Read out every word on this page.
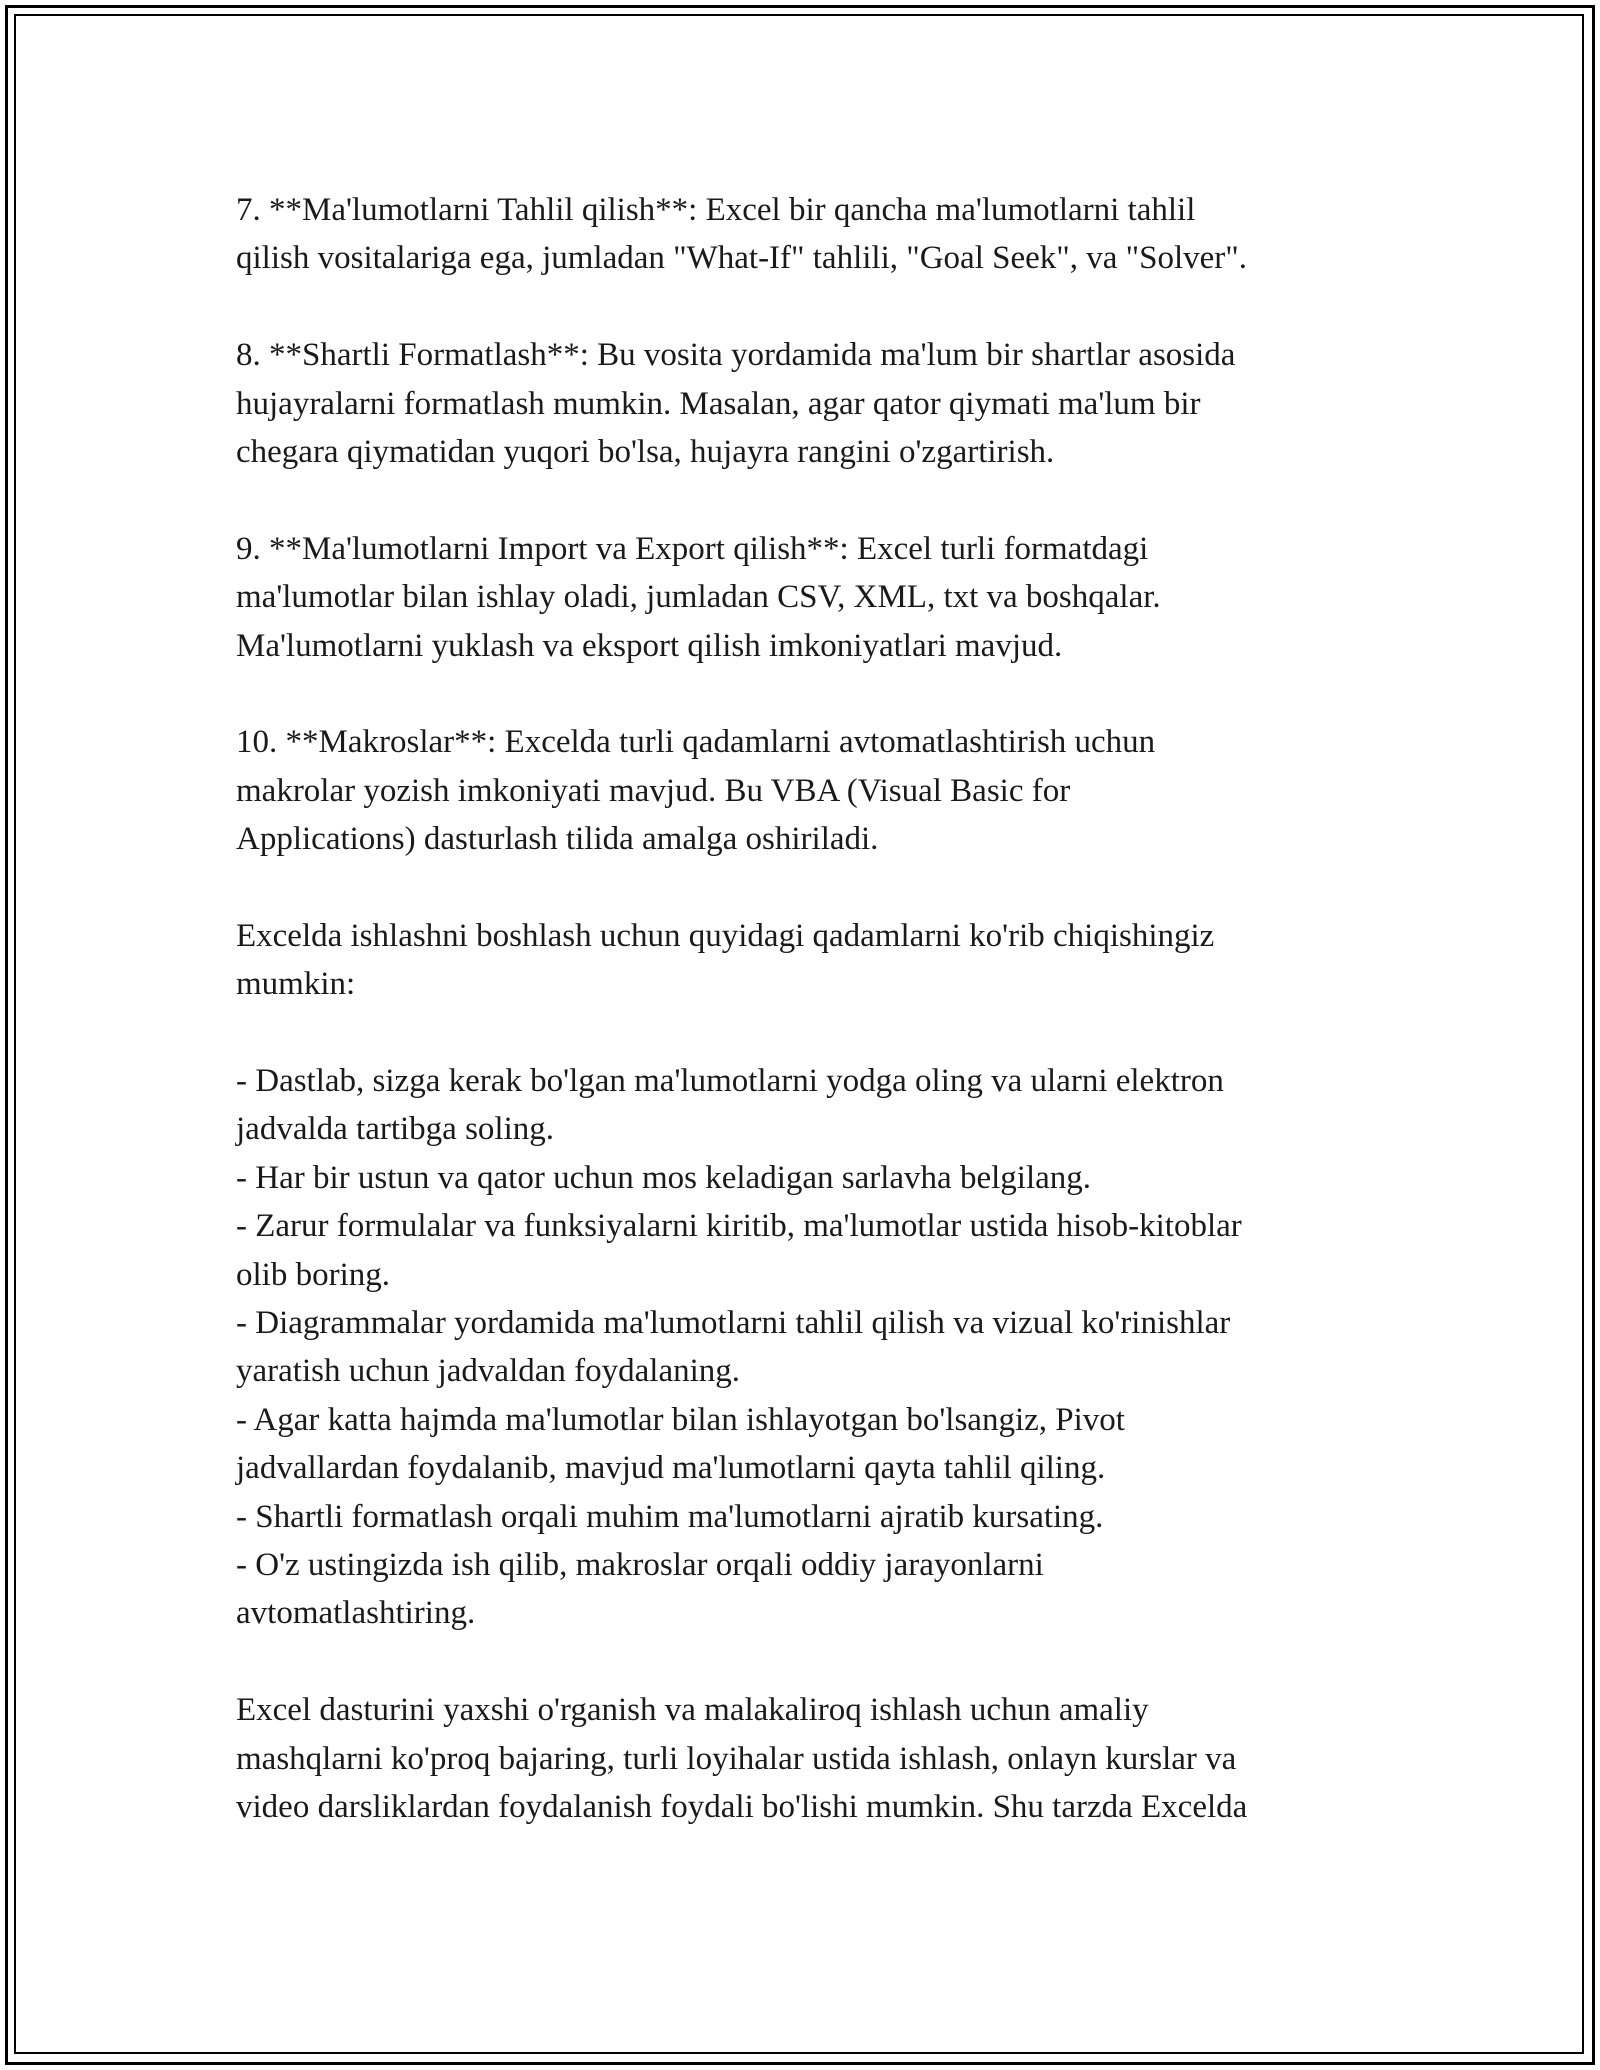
7. **Ma'lumotlarni Tahlil qilish**: Excel bir qancha ma'lumotlarni tahlil
qilish vositalariga ega, jumladan "What-If" tahlili, "Goal Seek", va "Solver".
8. **Shartli Formatlash**: Bu vosita yordamida ma'lum bir shartlar asosida
hujayralarni formatlash mumkin. Masalan, agar qator qiymati ma'lum bir
chegara qiymatidan yuqori bo'lsa, hujayra rangini o'zgartirish.
9. **Ma'lumotlarni Import va Export qilish**: Excel turli formatdagi
ma'lumotlar bilan ishlay oladi, jumladan CSV, XML, txt va boshqalar.
Ma'lumotlarni yuklash va eksport qilish imkoniyatlari mavjud.
10. **Makroslar**: Excelda turli qadamlarni avtomatlashtirish uchun
makrolar yozish imkoniyati mavjud. Bu VBA (Visual Basic for
Applications) dasturlash tilida amalga oshiriladi.
Excelda ishlashni boshlash uchun quyidagi qadamlarni ko'rib chiqishingiz
mumkin:
- Dastlab, sizga kerak bo'lgan ma'lumotlarni yodga oling va ularni elektron
jadvalda tartibga soling.
- Har bir ustun va qator uchun mos keladigan sarlavha belgilang.
- Zarur formulalar va funksiyalarni kiritib, ma'lumotlar ustida hisob-kitoblar
olib boring.
- Diagrammalar yordamida ma'lumotlarni tahlil qilish va vizual ko'rinishlar
yaratish uchun jadvaldan foydalaning.
- Agar katta hajmda ma'lumotlar bilan ishlayotgan bo'lsangiz, Pivot
jadvallardan foydalanib, mavjud ma'lumotlarni qayta tahlil qiling.
- Shartli formatlash orqali muhim ma'lumotlarni ajratib kursating.
- O'z ustingizda ish qilib, makroslar orqali oddiy jarayonlarni
avtomatlashtiring.
Excel dasturini yaxshi o'rganish va malakaliroq ishlash uchun amaliy
mashqlarni ko'proq bajaring, turli loyihalar ustida ishlash, onlayn kurslar va
video darsliklardan foydalanish foydali bo'lishi mumkin. Shu tarzda Excelda
